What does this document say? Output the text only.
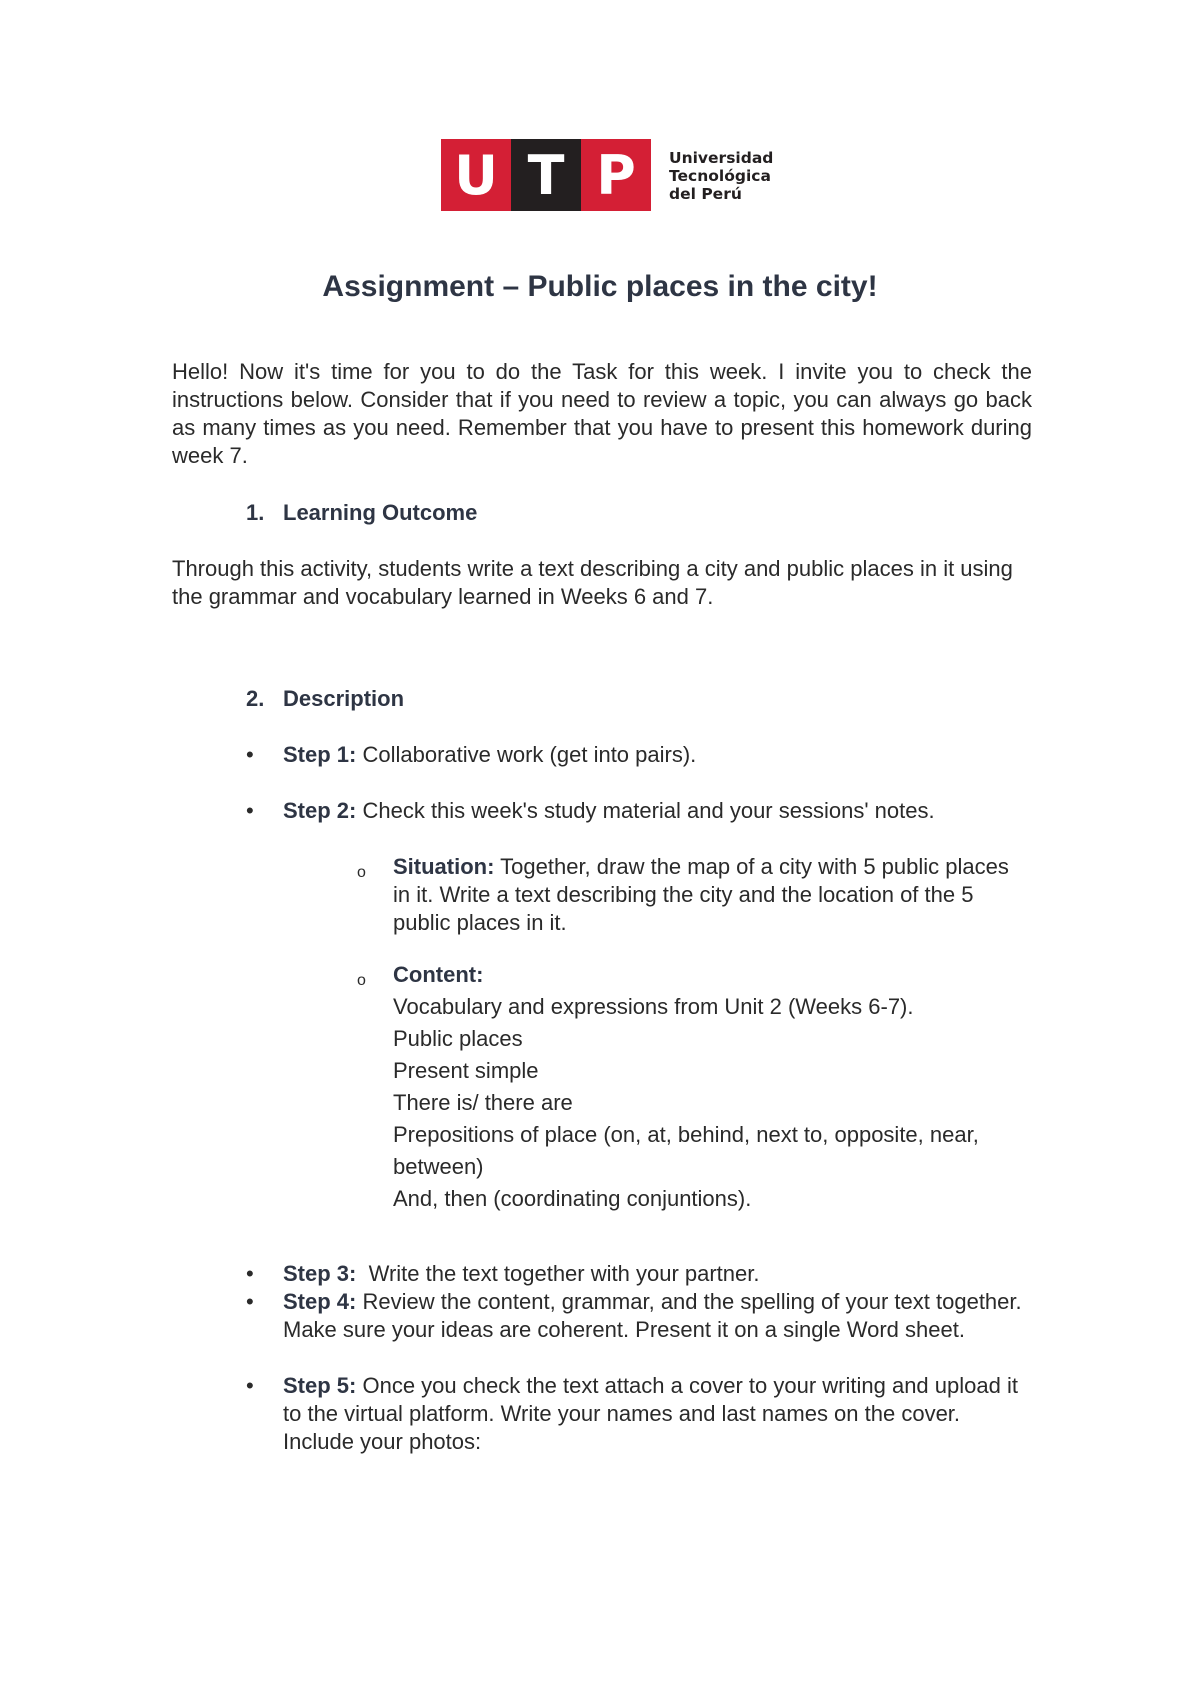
U T P	Universidad
Tecnológica
del Perú
Assignment – Public places in the city!

Hello! Now it's time for you to do the Task for this week. I invite you to check the instructions below. Consider that if you need to review a topic, you can always go back as many times as you need. Remember that you have to present this homework during week 7.

1. Learning Outcome

Through this activity, students write a text describing a city and public places in it using the grammar and vocabulary learned in Weeks 6 and 7.

2. Description

•	Step 1: Collaborative work (get into pairs).
•	Step 2: Check this week's study material and your sessions' notes.
o Situation: Together, draw the map of a city with 5 public places in it. Write a text describing the city and the location of the 5 public places in it.
o Content:
Vocabulary and expressions from Unit 2 (Weeks 6-7).
Public places
Present simple
There is/ there are
Prepositions of place (on, at, behind, next to, opposite, near, between)
And, then (coordinating conjuntions).
•	Step 3:  Write the text together with your partner.
•	Step 4: Review the content, grammar, and the spelling of your text together. Make sure your ideas are coherent. Present it on a single Word sheet.
•	Step 5: Once you check the text attach a cover to your writing and upload it to the virtual platform. Write your names and last names on the cover. Include your photos:
